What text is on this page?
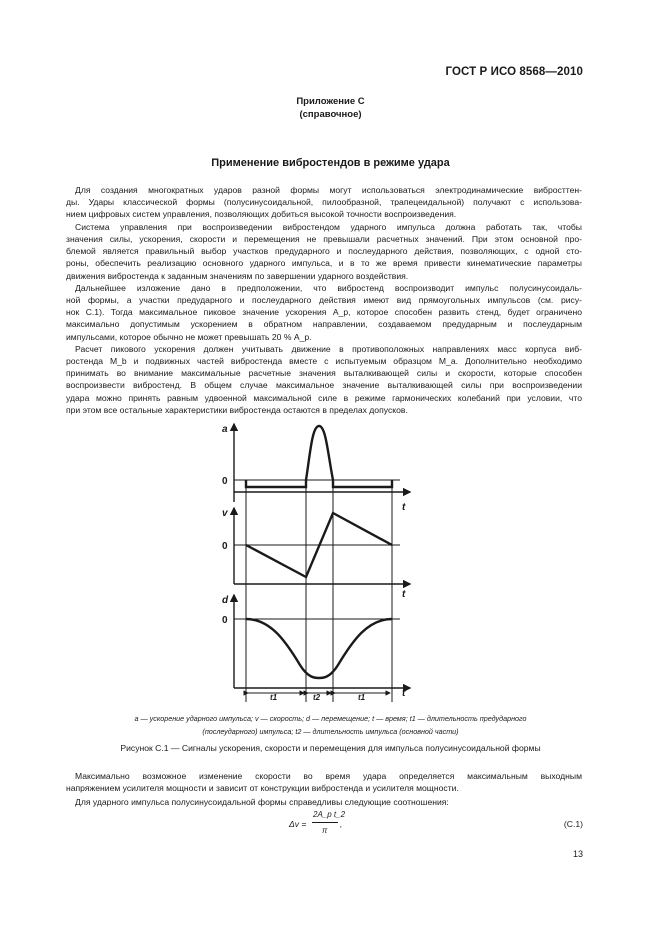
ГОСТ Р ИСО 8568—2010
Приложение С
(справочное)
Применение вибростендов в режиме удара
Для создания многократных ударов разной формы могут использоваться электродинамические вибросттен-
ды. Удары классической формы (полусинусоидальной, пилообразной, трапецеидальной) получают с использова-
нием цифровых систем управления, позволяющих добиться высокой точности воспроизведения.
Система управления при воспроизведении вибростендом ударного импульса должна работать так, чтобы
значения силы, ускорения, скорости и перемещения не превышали расчетных значений. При этом основной про-
блемой является правильный выбор участков предударного и послеударного действия, позволяющих, с одной сто-
роны, обеспечить реализацию основного ударного импульса, и в то же время привести кинематические параметры
движения вибростенда к заданным значениям по завершении ударного воздействия.
Дальнейшее изложение дано в предположении, что вибростенд воспроизводит импульс полусинусоидаль-
ной формы, а участки предударного и послеударного действия имеют вид прямоугольных импульсов (см. рису-
нок С.1). Тогда максимальное пиковое значение ускорения A_p, которое способен развить стенд, будет ограничено
максимально допустимым ускорением в обратном направлении, создаваемом предударным и послеударным
импульсами, которое обычно не может превышать 20 % A_p.
Расчет пикового ускорения должен учитывать движение в противоположных направлениях масс корпуса виб-
ростенда M_b и подвижных частей вибростенда вместе с испытуемым образцом M_a. Дополнительно необходимо
принимать во внимание максимальные расчетные значения выталкивающей силы и скорости, которые способен
воспроизвести вибростенд. В общем случае максимальное значение выталкивающей силы при воспроизведении
удара можно принять равным удвоенной максимальной силе в режиме гармонических колебаний при условии, что
при этом все остальные характеристики вибростенда остаются в пределах допусков.
a
0
t
v
0
t
d
0
t
t1	t2	t1
a — ускорение ударного импульса; v — скорость; d — перемещение; t — время; t1 — длительность предударного
(послеударного) импульса; t2 — длительность импульса (основной части)
Рисунок С.1 — Сигналы ускорения, скорости и перемещения для импульса полусинусоидальной формы
Максимально возможное изменение скорости во время удара определяется максимальным выходным
напряжением усилителя мощности и зависит от конструкции вибростенда и усилителя мощности.
Для ударного импульса полусинусоидальной формы справедливы следующие соотношения:
Δv =
2A_p t_2
π
,	(С.1)
13
